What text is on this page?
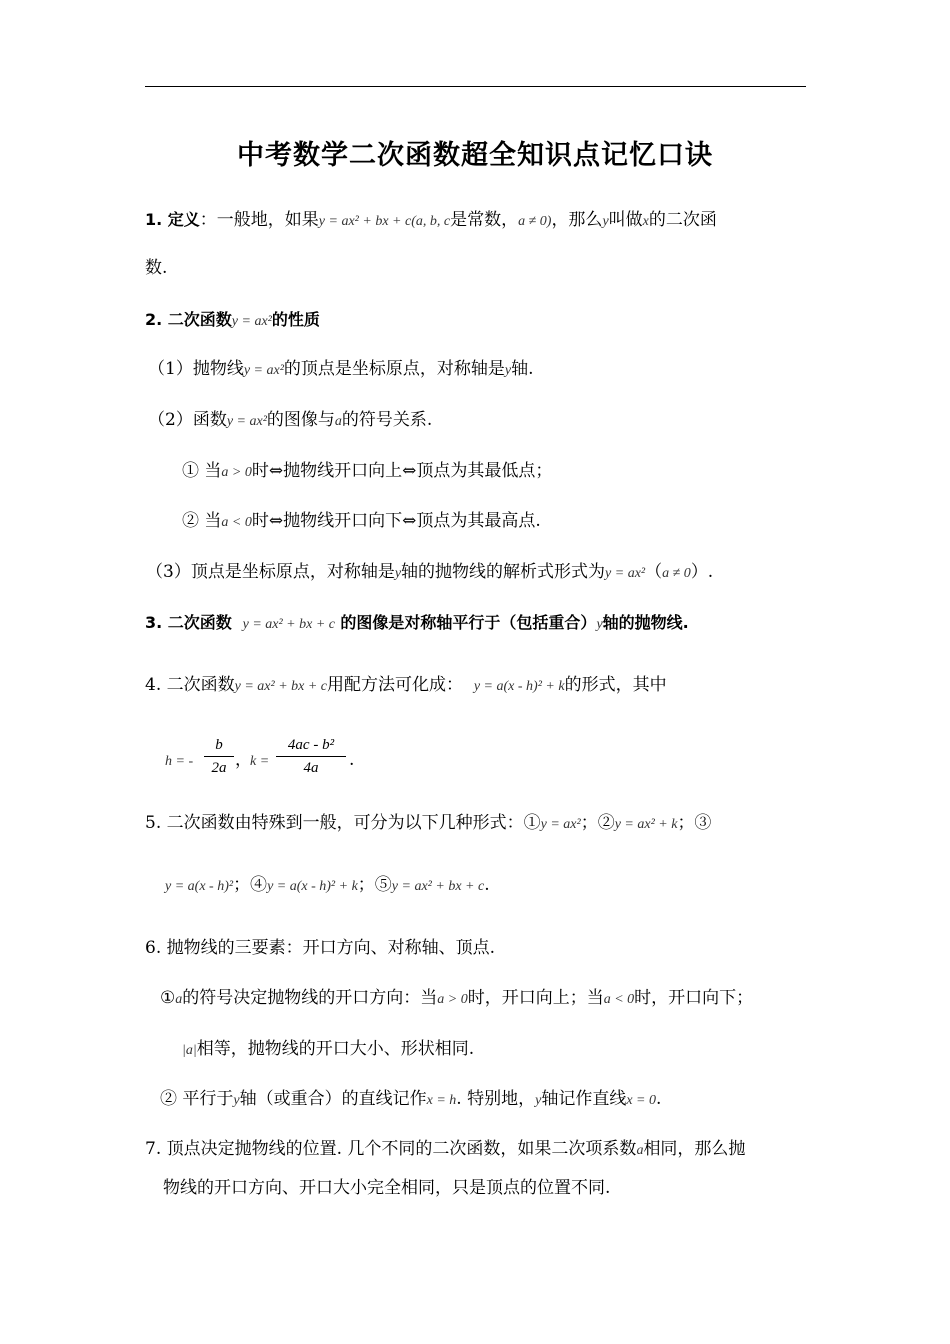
中考数学二次函数超全知识点记忆口诀
1. 定义：一般地，如果y = ax² + bx + c(a, b, c是常数，a ≠ 0)，那么y叫做x的二次函
数.
2. 二次函数y = ax²的性质
（1）抛物线y = ax²的顶点是坐标原点，对称轴是y轴.
（2）函数y = ax²的图像与a的符号关系.
① 当a > 0时⇔抛物线开口向上⇔顶点为其最低点；
② 当a < 0时⇔抛物线开口向下⇔顶点为其最高点.
（3）顶点是坐标原点，对称轴是y轴的抛物线的解析式形式为y = ax²（a ≠ 0）.
3. 二次函数 y = ax² + bx + c 的图像是对称轴平行于（包括重合）y轴的抛物线.
4. 二次函数y = ax² + bx + c用配方法可化成： y = a(x - h)² + k的形式，其中
h = - $\frac{b}{2a}$ ，
$k = \frac{\text{4ac - b²}}{4a}$ .
5. 二次函数由特殊到一般，可分为以下几种形式：①y = ax²；②y = ax² + k；③
y = a(x - h)²；④y = a(x - h)² + k；⑤y = ax² + bx + c.
6. 抛物线的三要素：开口方向、对称轴、顶点.
①a的符号决定抛物线的开口方向：当a > 0时，开口向上；当a < 0时，开口向下；
|a|相等，抛物线的开口大小、形状相同.
② 平行于y轴（或重合）的直线记作x = h. 特别地，y轴记作直线x = 0.
7. 顶点决定抛物线的位置. 几个不同的二次函数，如果二次项系数a相同，那么抛
物线的开口方向、开口大小完全相同，只是顶点的位置不同.
